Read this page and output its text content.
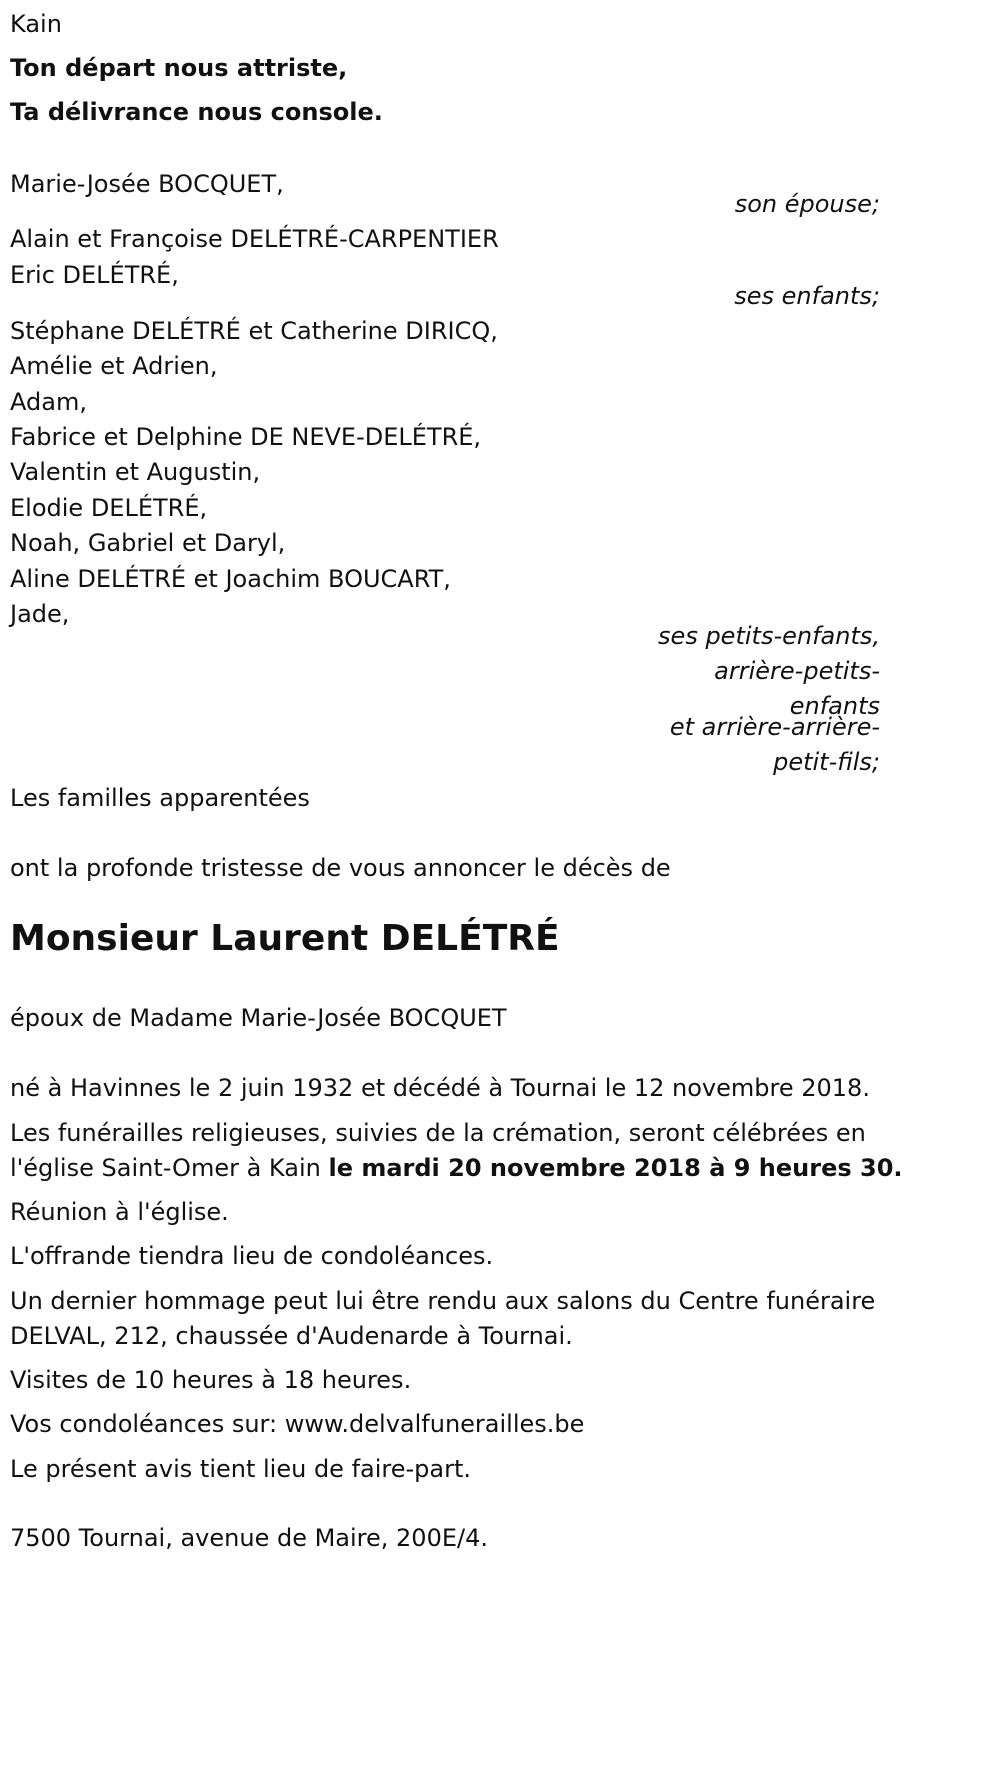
Kain
Ton départ nous attriste,
Ta délivrance nous console.
Marie-Josée BOCQUET,
son épouse;
Alain et Françoise DELÉTRÉ-CARPENTIER
Eric DELÉTRÉ,
ses enfants;
Stéphane DELÉTRÉ et Catherine DIRICQ,
Amélie et Adrien,
Adam,
Fabrice et Delphine DE NEVE-DELÉTRÉ,
Valentin et Augustin,
Elodie DELÉTRÉ,
Noah, Gabriel et Daryl,
Aline DELÉTRÉ et Joachim BOUCART,
Jade,
ses petits-enfants,
arrière-petits-
enfants
et arrière-arrière-
petit-fils;
Les familles apparentées
ont la profonde tristesse de vous annoncer le décès de
Monsieur Laurent DELÉTRÉ
époux de Madame Marie-Josée BOCQUET
né à Havinnes le 2 juin 1932 et décédé à Tournai le 12 novembre 2018.
Les funérailles religieuses, suivies de la crémation, seront célébrées en
l'église Saint-Omer à Kain le mardi 20 novembre 2018 à 9 heures 30.
Réunion à l'église.
L'offrande tiendra lieu de condoléances.
Un dernier hommage peut lui être rendu aux salons du Centre funéraire
DELVAL, 212, chaussée d'Audenarde à Tournai.
Visites de 10 heures à 18 heures.
Vos condoléances sur: www.delvalfunerailles.be
Le présent avis tient lieu de faire-part.
7500 Tournai, avenue de Maire, 200E/4.
